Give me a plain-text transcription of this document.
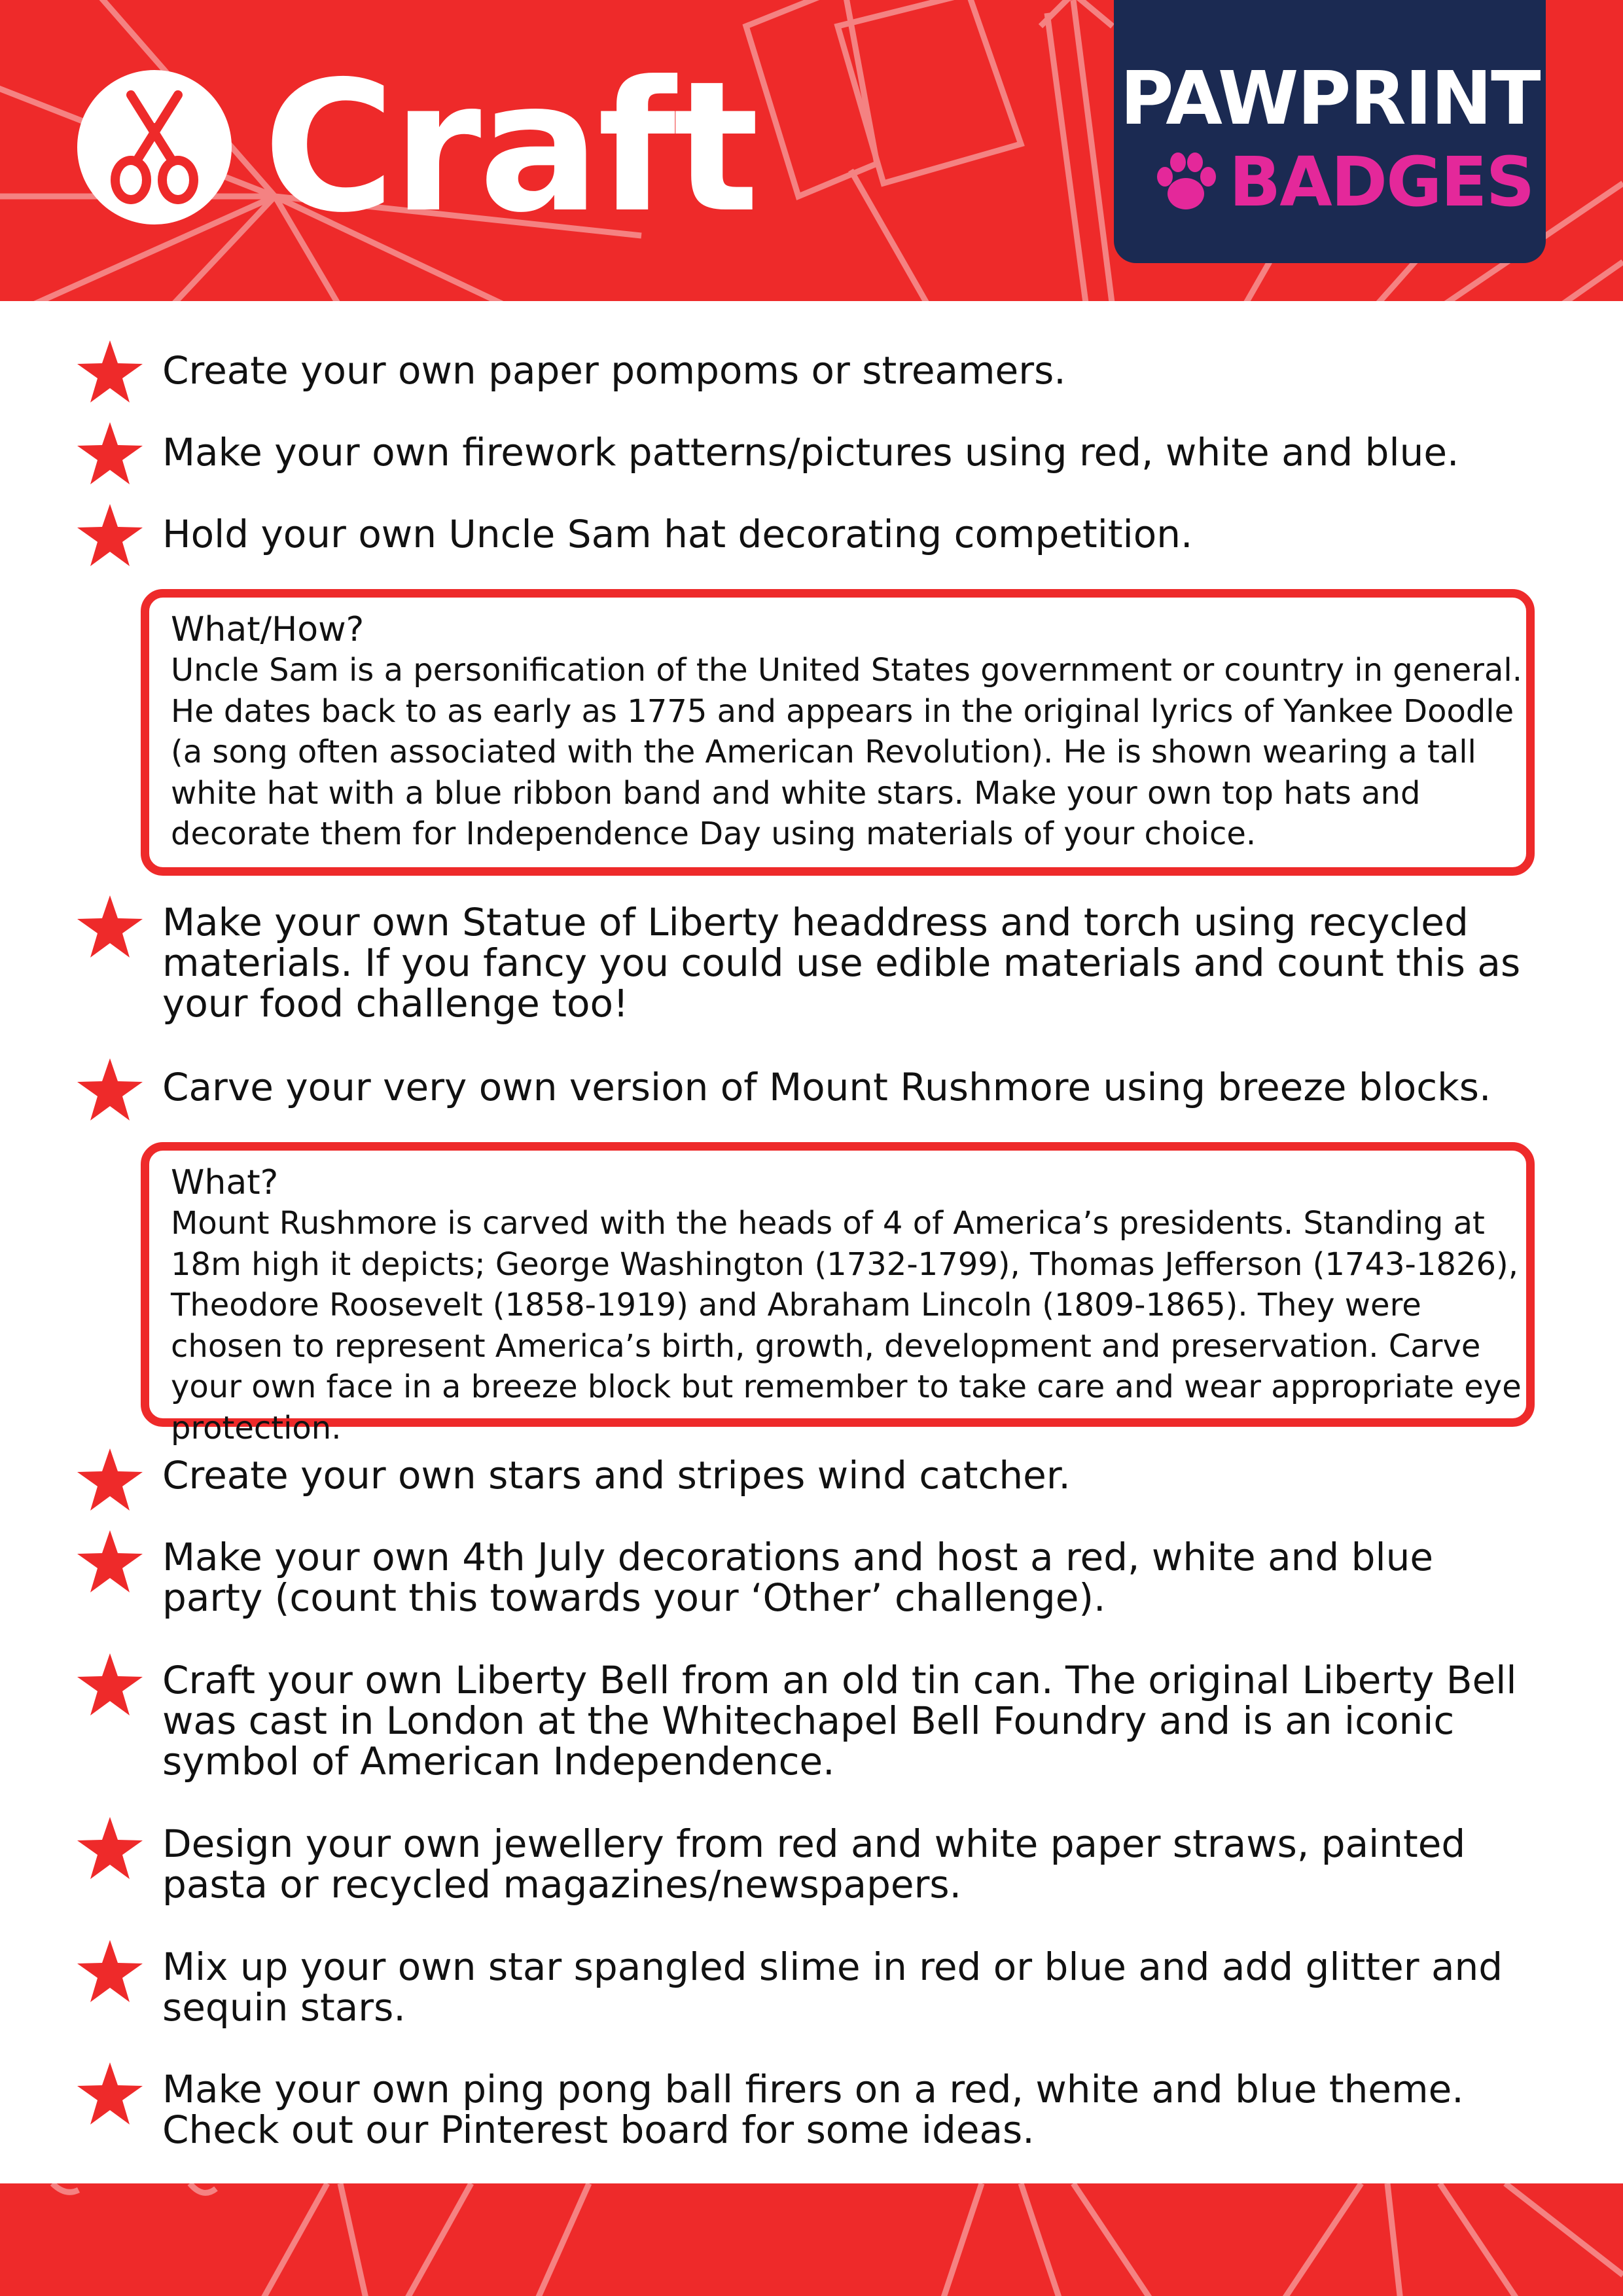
Craft	PAWPRINT
BADGES
Create your own paper pompoms or streamers.
Make your own firework patterns/pictures using red, white and blue.
Hold your own Uncle Sam hat decorating competition.
What/How?
Uncle Sam is a personification of the United States government or country in general. He dates back to as early as 1775 and appears in the original lyrics of Yankee Doodle (a song often associated with the American Revolution). He is shown wearing a tall white hat with a blue ribbon band and white stars. Make your own top hats and decorate them for Independence Day using materials of your choice.
Make your own Statue of Liberty headdress and torch using recycled materials. If you fancy you could use edible materials and count this as your food challenge too!
Carve your very own version of Mount Rushmore using breeze blocks.
What?
Mount Rushmore is carved with the heads of 4 of America’s presidents. Standing at 18m high it depicts; George Washington (1732-1799), Thomas Jefferson (1743-1826), Theodore Roosevelt (1858-1919) and Abraham Lincoln (1809-1865). They were chosen to represent America’s birth, growth, development and preservation. Carve your own face in a breeze block but remember to take care and wear appropriate eye protection.
Create your own stars and stripes wind catcher.
Make your own 4th July decorations and host a red, white and blue party (count this towards your ‘Other’ challenge).
Craft your own Liberty Bell from an old tin can. The original Liberty Bell was cast in London at the Whitechapel Bell Foundry and is an iconic symbol of American Independence.
Design your own jewellery from red and white paper straws, painted pasta or recycled magazines/newspapers.
Mix up your own star spangled slime in red or blue and add glitter and sequin stars.
Make your own ping pong ball firers on a red, white and blue theme. Check out our Pinterest board for some ideas.
